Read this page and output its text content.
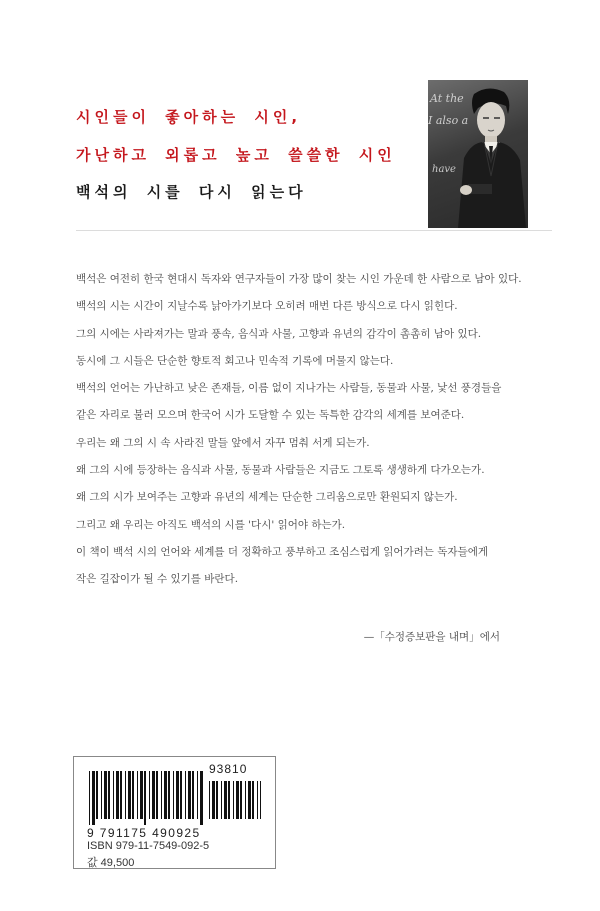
시인들이 좋아하는 시인,
가난하고 외롭고 높고 쓸쓸한 시인
백석의 시를 다시 읽는다
At the
I also a
have
백석은 여전히 한국 현대시 독자와 연구자들이 가장 많이 찾는 시인 가운데 한 사람으로 남아 있다.
백석의 시는 시간이 지날수록 낡아가기보다 오히려 매번 다른 방식으로 다시 읽힌다.
그의 시에는 사라져가는 말과 풍속, 음식과 사물, 고향과 유년의 감각이 촘촘히 남아 있다.
동시에 그 시들은 단순한 향토적 회고나 민속적 기록에 머물지 않는다.
백석의 언어는 가난하고 낮은 존재들, 이름 없이 지나가는 사람들, 동물과 사물, 낯선 풍경들을
같은 자리로 불러 모으며 한국어 시가 도달할 수 있는 독특한 감각의 세계를 보여준다.
우리는 왜 그의 시 속 사라진 말들 앞에서 자꾸 멈춰 서게 되는가.
왜 그의 시에 등장하는 음식과 사물, 동물과 사람들은 지금도 그토록 생생하게 다가오는가.
왜 그의 시가 보여주는 고향과 유년의 세계는 단순한 그리움으로만 환원되지 않는가.
그리고 왜 우리는 아직도 백석의 시를 '다시' 읽어야 하는가.
이 책이 백석 시의 언어와 세계를 더 정확하고 풍부하고 조심스럽게 읽어가려는 독자들에게
작은 길잡이가 될 수 있기를 바란다.
—「수정증보판을 내며」에서
93810
9 791175 490925
ISBN 979-11-7549-092-5
값 49,500
